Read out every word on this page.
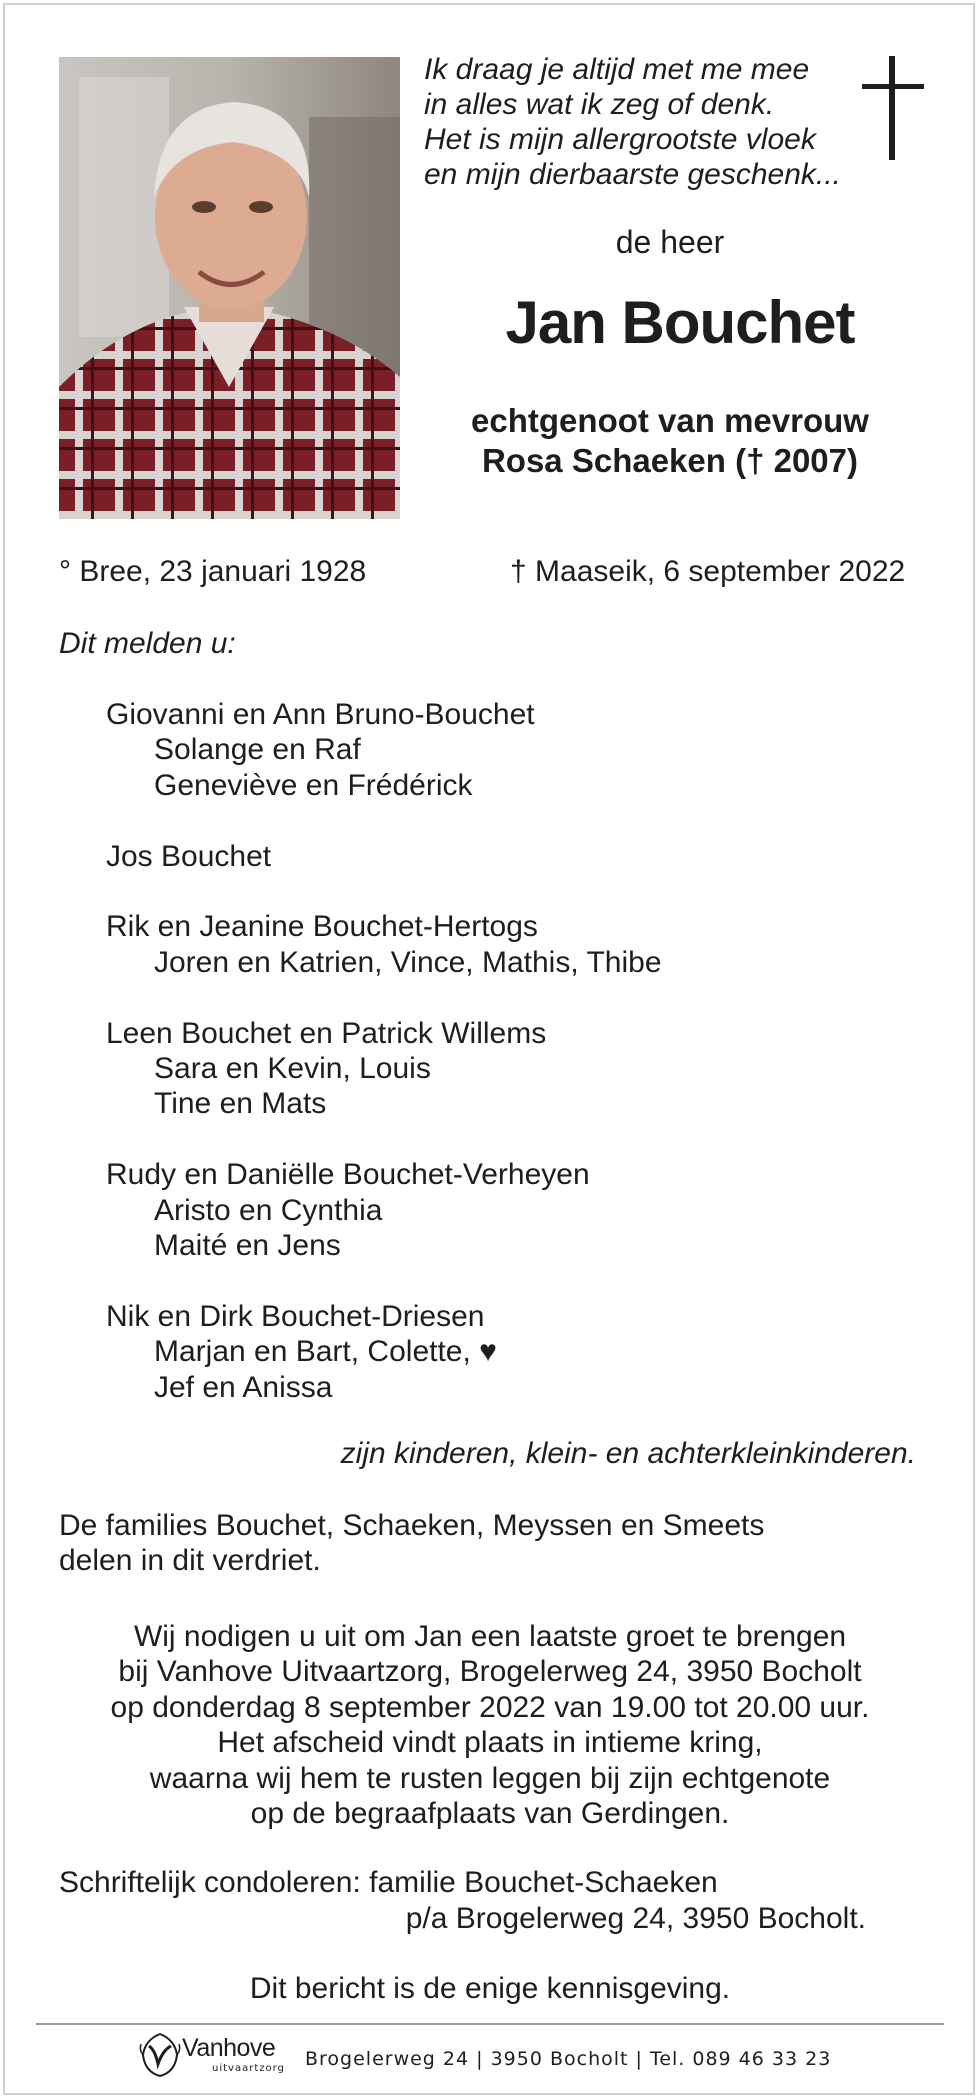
Ik draag je altijd met me mee
in alles wat ik zeg of denk.
Het is mijn allergrootste vloek
en mijn dierbaarste geschenk...
de heer
Jan Bouchet
echtgenoot van mevrouw
Rosa Schaeken († 2007)
° Bree, 23 januari 1928	† Maaseik, 6 september 2022
Dit melden u:
Giovanni en Ann Bruno-Bouchet
Solange en Raf
Geneviève en Frédérick
Jos Bouchet
Rik en Jeanine Bouchet-Hertogs
Joren en Katrien, Vince, Mathis, Thibe
Leen Bouchet en Patrick Willems
Sara en Kevin, Louis
Tine en Mats
Rudy en Daniëlle Bouchet-Verheyen
Aristo en Cynthia
Maité en Jens
Nik en Dirk Bouchet-Driesen
Marjan en Bart, Colette, ♥
Jef en Anissa
zijn kinderen, klein- en achterkleinkinderen.
De families Bouchet, Schaeken, Meyssen en Smeets
delen in dit verdriet.
Wij nodigen u uit om Jan een laatste groet te brengen
bij Vanhove Uitvaartzorg, Brogelerweg 24, 3950 Bocholt
op donderdag 8 september 2022 van 19.00 tot 20.00 uur.
Het afscheid vindt plaats in intieme kring,
waarna wij hem te rusten leggen bij zijn echtgenote
op de begraafplaats van Gerdingen.
Schriftelijk condoleren: familie Bouchet-Schaeken
p/a Brogelerweg 24, 3950 Bocholt.
Dit bericht is de enige kennisgeving.
Vanhove
uitvaartzorg Brogelerweg 24 | 3950 Bocholt | Tel. 089 46 33 23
